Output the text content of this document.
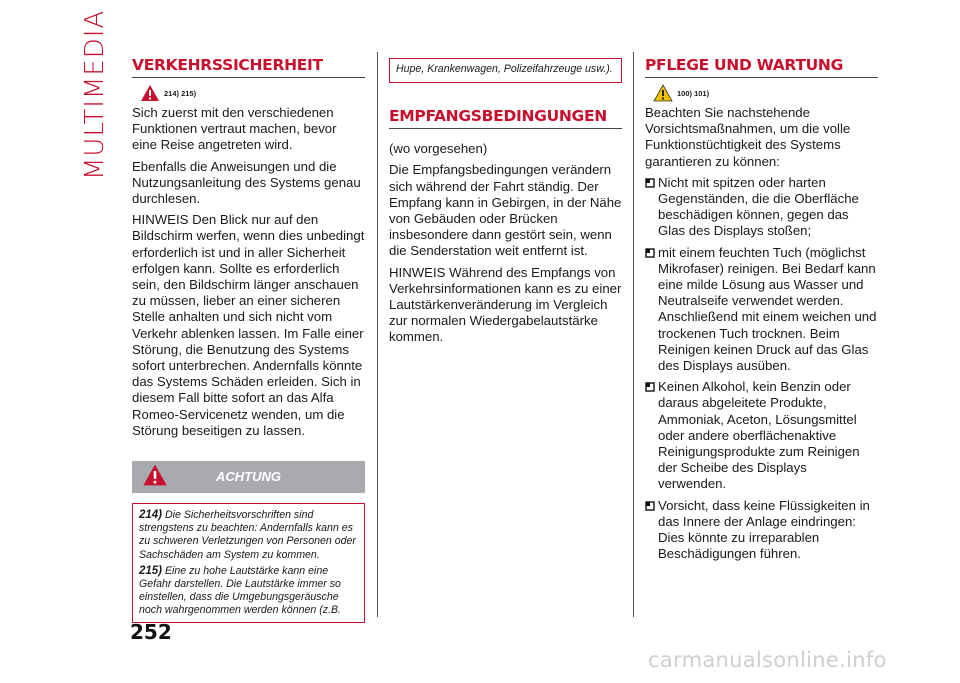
MULTIMEDIA VERKEHRSSICHERHEIT
214) 215)

Sich zuerst mit den verschiedenen Funktionen vertraut machen, bevor eine Reise angetreten wird.

Ebenfalls die Anweisungen und die Nutzungsanleitung des Systems genau durchlesen.

HINWEIS Den Blick nur auf den Bildschirm werfen, wenn dies unbedingt erforderlich ist und in aller Sicherheit erfolgen kann. Sollte es erforderlich sein, den Bildschirm länger anschauen zu müssen, lieber an einer sicheren Stelle anhalten und sich nicht vom Verkehr ablenken lassen. Im Falle einer Störung, die Benutzung des Systems sofort unterbrechen. Andernfalls könnte das Systems Schäden erleiden. Sich in diesem Fall bitte sofort an das Alfa Romeo-Servicenetz wenden, um die Störung beseitigen zu lassen.

ACHTUNG
214) Die Sicherheitsvorschriften sind strengstens zu beachten: Andernfalls kann es zu schweren Verletzungen von Personen oder Sachschäden am System zu kommen.
215) Eine zu hohe Lautstärke kann eine Gefahr darstellen. Die Lautstärke immer so einstellen, dass die Umgebungsgeräusche noch wahrgenommen werden können (z.B.
Hupe, Krankenwagen, Polizeifahrzeuge usw.).
EMPFANGSBEDINGUNGEN

(wo vorgesehen)

Die Empfangsbedingungen verändern sich während der Fahrt ständig. Der Empfang kann in Gebirgen, in der Nähe von Gebäuden oder Brücken insbesondere dann gestört sein, wenn die Senderstation weit entfernt ist.

HINWEIS Während des Empfangs von Verkehrsinformationen kann es zu einer Lautstärkenveränderung im Vergleich zur normalen Wiedergabelautstärke kommen.

PFLEGE UND WARTUNG
100) 101)

Beachten Sie nachstehende Vorsichtsmaßnahmen, um die volle Funktionstüchtigkeit des Systems garantieren zu können:

Nicht mit spitzen oder harten Gegenständen, die die Oberfläche beschädigen können, gegen das Glas des Displays stoßen;
mit einem feuchten Tuch (möglichst Mikrofaser) reinigen. Bei Bedarf kann eine milde Lösung aus Wasser und Neutralseife verwendet werden. Anschließend mit einem weichen und trockenen Tuch trocknen. Beim Reinigen keinen Druck auf das Glas des Displays ausüben.
Keinen Alkohol, kein Benzin oder daraus abgeleitete Produkte, Ammoniak, Aceton, Lösungsmittel oder andere oberflächenaktive Reinigungsprodukte zum Reinigen der Scheibe des Displays verwenden.
Vorsicht, dass keine Flüssigkeiten in das Innere der Anlage eindringen: Dies könnte zu irreparablen Beschädigungen führen.
252
carmanualsonline.info
